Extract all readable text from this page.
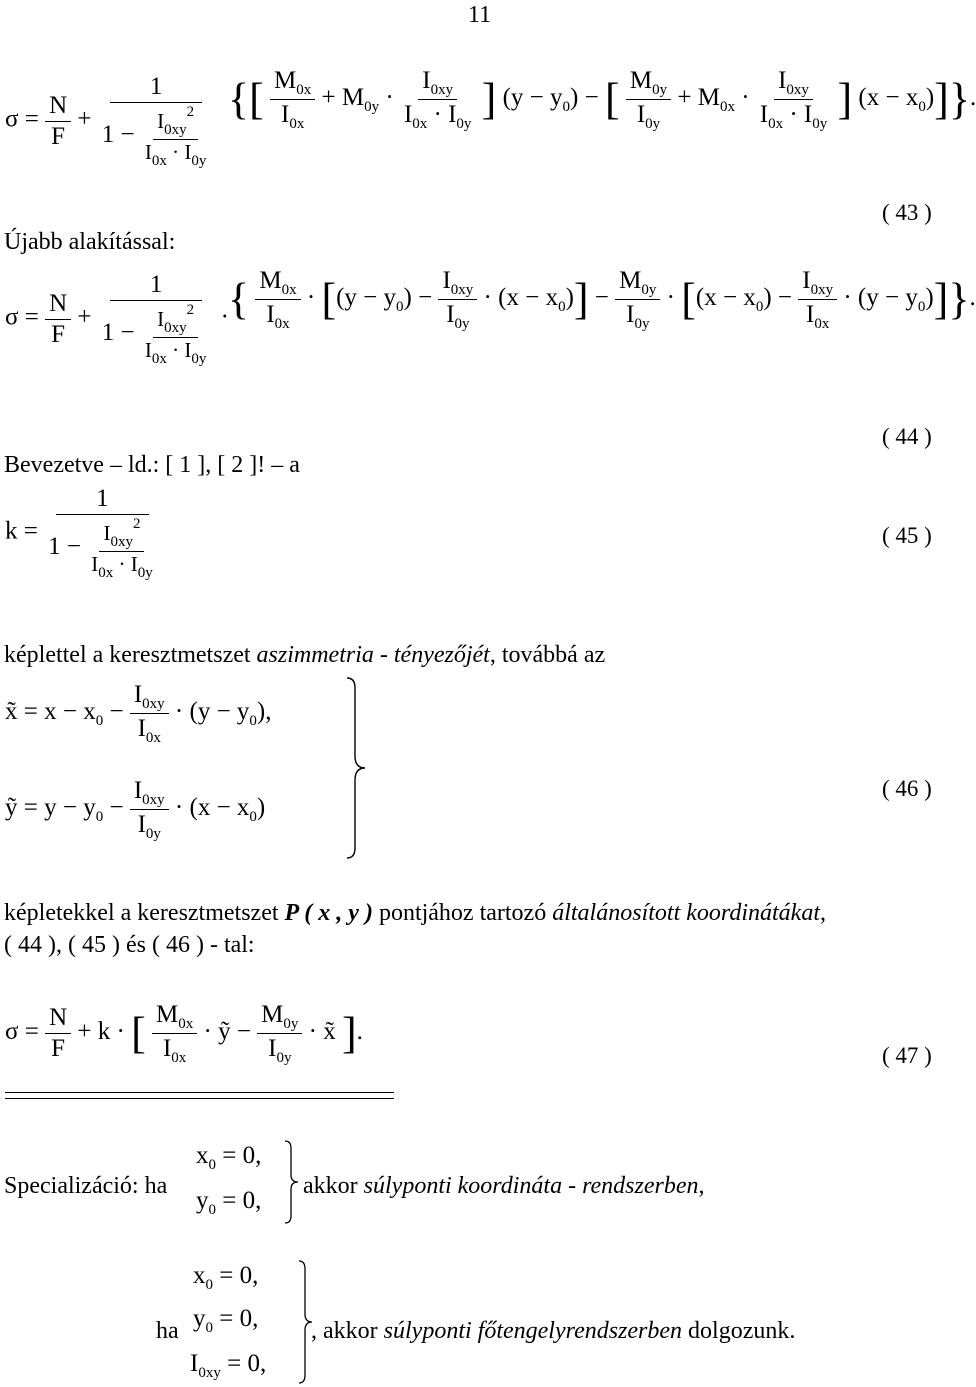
11
$\sigma = \frac{N}{F} + \frac{1}{1 - \frac{I_{0xy}^2}{I_{0x} \cdot I_{0y}}}$ {[ $\frac{M_{0x}}{I_{0x}} + M_{0y} \cdot \frac{I_{0xy}}{I_{0x} \cdot I_{0y}}$ ] $(y - y_0)$ − [ $\frac{M_{0y}}{I_{0y}} + M_{0x} \cdot \frac{I_{0xy}}{I_{0x} \cdot I_{0y}}$ ] $(x - x_0)$]}.
( 43 )
Újabb alakítással:
$\sigma = \frac{N}{F} + \frac{1}{1 - \frac{I_{0xy}^2}{I_{0x} \cdot I_{0y}}}$ · { $\frac{M_{0x}}{I_{0x}} \cdot [(y - y_0) - \frac{I_{0xy}}{I_{0y}} \cdot (x - x_0)] - \frac{M_{0y}}{I_{0y}} \cdot [(x - x_0) - \frac{I_{0xy}}{I_{0x}} \cdot (y - y_0)]$}.
( 44 )
Bevezetve – ld.: [ 1 ], [ 2 ]! – a
$k = \frac{1}{1 - \frac{I_{0xy}^2}{I_{0x} \cdot I_{0y}}}$	( 45 )
képlettel a keresztmetszet aszimmetria - tényezőjét, továbbá az
x̃ = $x - x_0 - \frac{I_{0xy}}{I_{0x}} \cdot (y - y_0)$,
ỹ = $y - y_0 - \frac{I_{0xy}}{I_{0y}} \cdot (x - x_0)$
( 46 )
képletekkel a keresztmetszet P ( x , y ) pontjához tartozó általánosított koordinátákat,
( 44 ), ( 45 ) és ( 46 ) - tal:
$\sigma = \frac{N}{F} + k$ · [ $\frac{M_{0x}}{I_{0x}}$ · ỹ − $\frac{M_{0y}}{I_{0y}}$ · x̃ ].
( 47 )
Specializáció: ha
$x_0 = 0$,
$y_0 = 0$,
akkor súlyponti koordináta - rendszerben,
ha
$x_0 = 0$,
$y_0 = 0$,
$I_{0xy} = 0$,
, akkor súlyponti főtengelyrendszerben dolgozunk.
